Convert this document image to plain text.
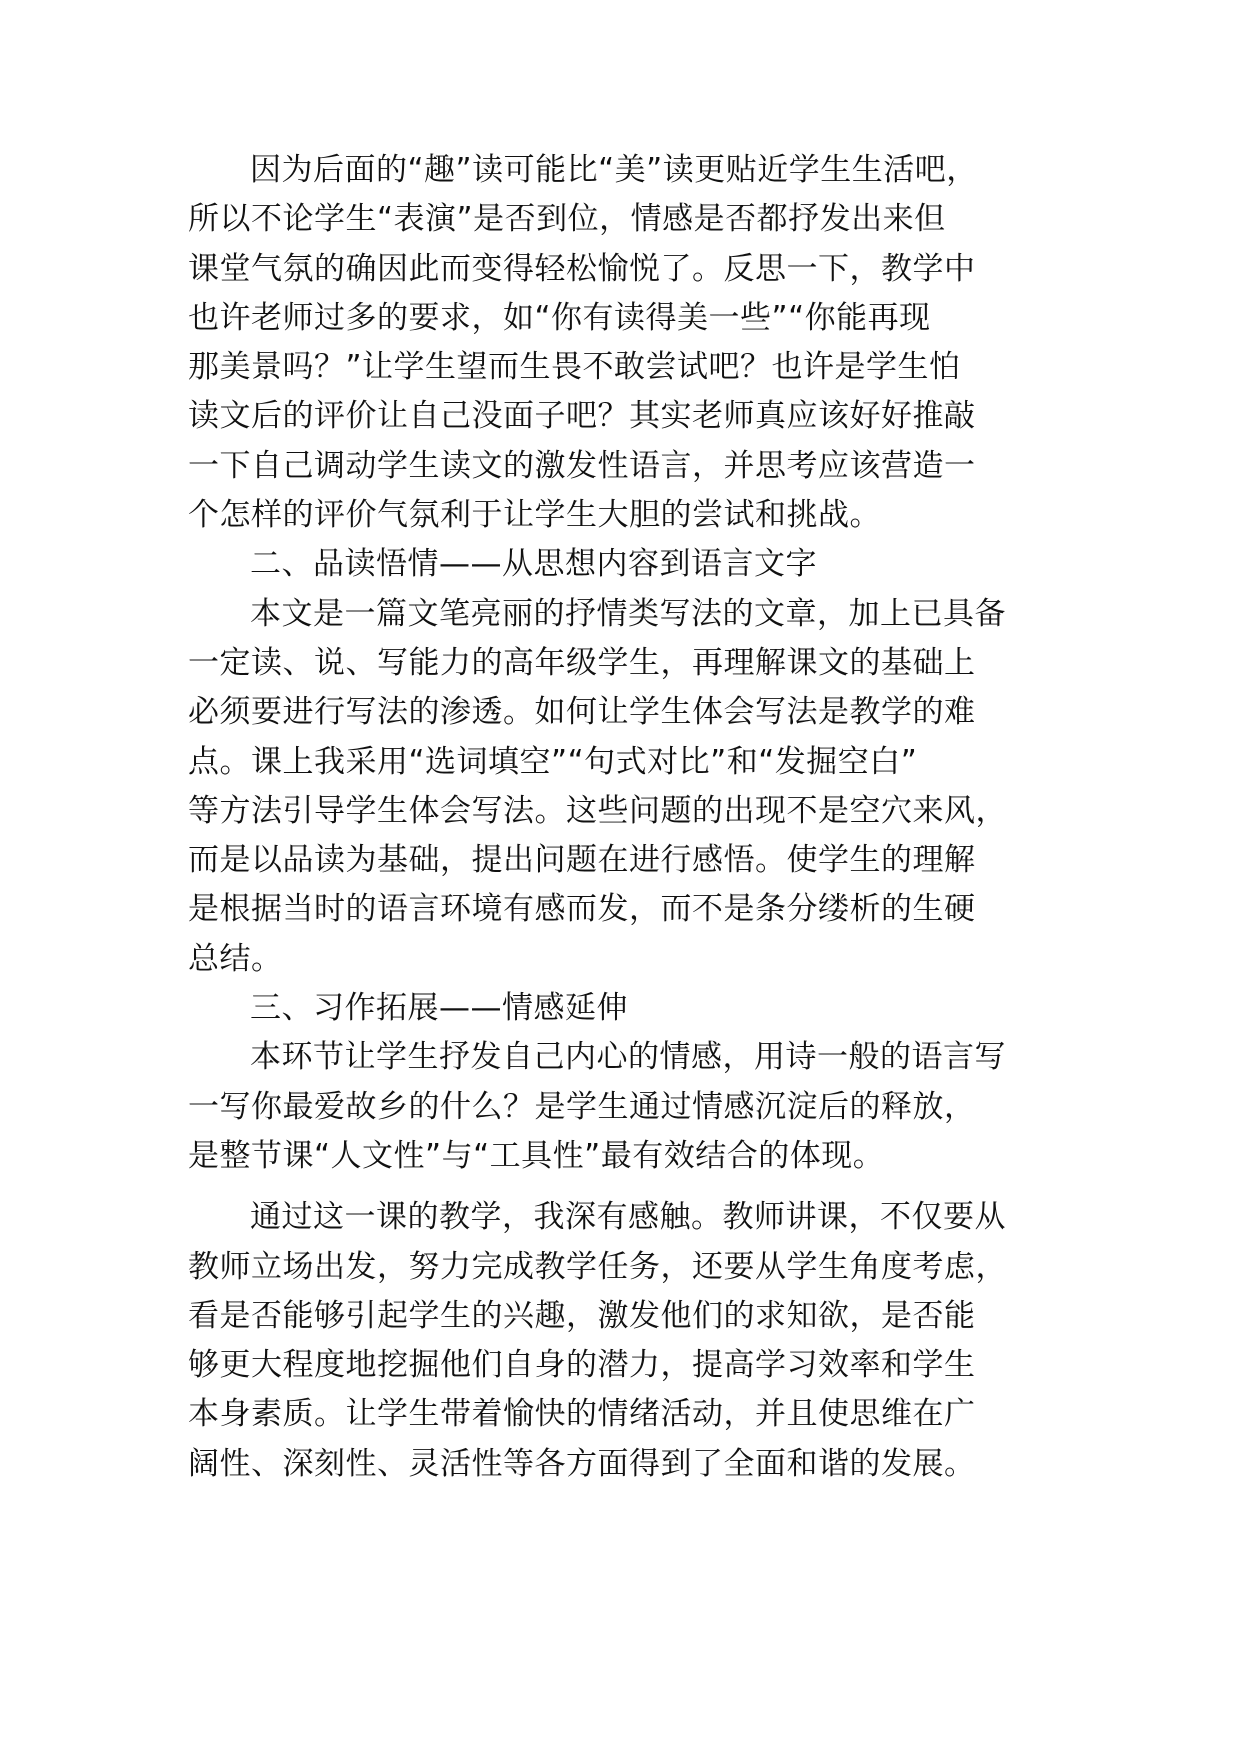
因为后面的“趣”读可能比“美”读更贴近学生生活吧，
所以不论学生“表演”是否到位，情感是否都抒发出来但
课堂气氛的确因此而变得轻松愉悦了。反思一下，教学中
也许老师过多的要求，如“你有读得美一些”“你能再现
那美景吗？”让学生望而生畏不敢尝试吧？也许是学生怕
读文后的评价让自己没面子吧？其实老师真应该好好推敲
一下自己调动学生读文的激发性语言，并思考应该营造一
个怎样的评价气氛利于让学生大胆的尝试和挑战。
二、品读悟情——从思想内容到语言文字
本文是一篇文笔亮丽的抒情类写法的文章，加上已具备
一定读、说、写能力的高年级学生，再理解课文的基础上
必须要进行写法的渗透。如何让学生体会写法是教学的难
点。课上我采用“选词填空”“句式对比”和“发掘空白”
等方法引导学生体会写法。这些问题的出现不是空穴来风，
而是以品读为基础，提出问题在进行感悟。使学生的理解
是根据当时的语言环境有感而发，而不是条分缕析的生硬
总结。
三、习作拓展——情感延伸
本环节让学生抒发自己内心的情感，用诗一般的语言写
一写你最爱故乡的什么？是学生通过情感沉淀后的释放，
是整节课“人文性”与“工具性”最有效结合的体现。
通过这一课的教学，我深有感触。教师讲课，不仅要从
教师立场出发，努力完成教学任务，还要从学生角度考虑，
看是否能够引起学生的兴趣，激发他们的求知欲，是否能
够更大程度地挖掘他们自身的潜力，提高学习效率和学生
本身素质。让学生带着愉快的情绪活动，并且使思维在广
阔性、深刻性、灵活性等各方面得到了全面和谐的发展。
